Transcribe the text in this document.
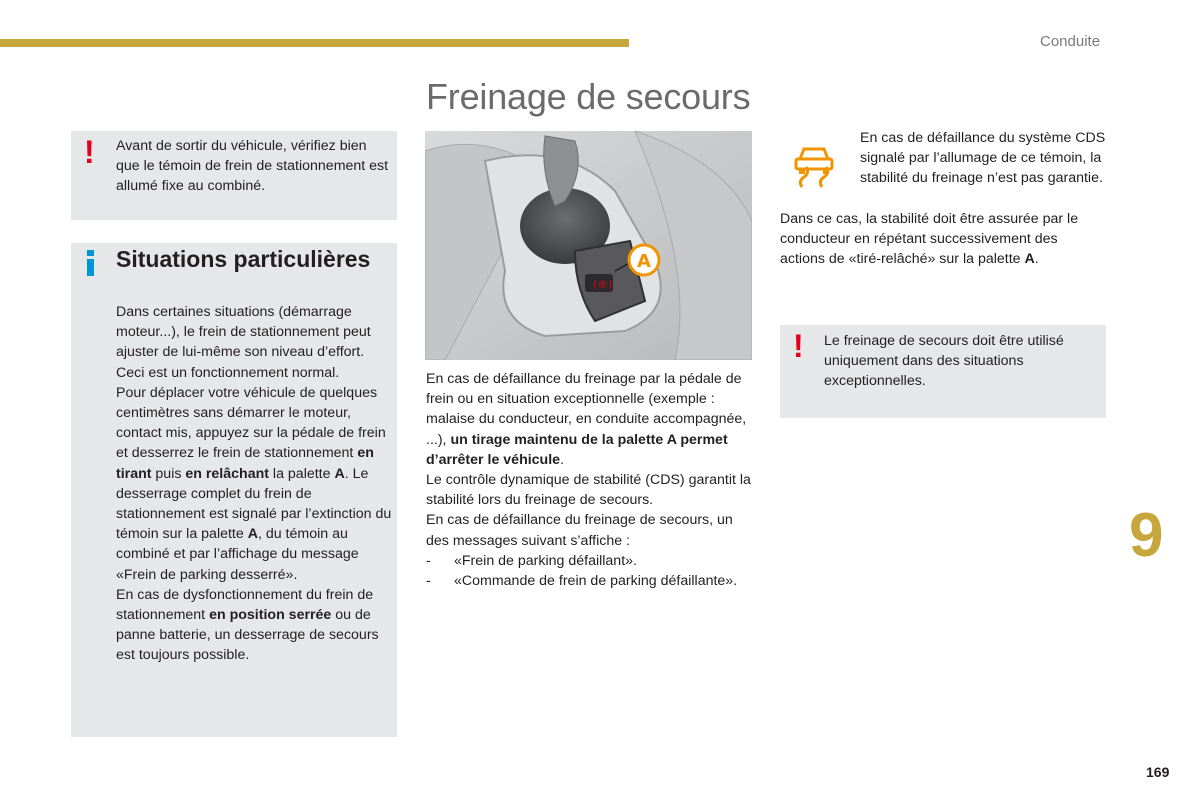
Conduite
Freinage de secours
! Avant de sortir du véhicule, vérifiez bien que le témoin de frein de stationnement est allumé fixe au combiné.
Situations particulières

Dans certaines situations (démarrage moteur...), le frein de stationnement peut ajuster de lui-même son niveau d’effort. Ceci est un fonctionnement normal.

Pour déplacer votre véhicule de quelques centimètres sans démarrer le moteur, contact mis, appuyez sur la pédale de frein et desserrez le frein de stationnement en tirant puis en relâchant la palette A. Le desserrage complet du frein de stationnement est signalé par l’extinction du témoin sur la palette A, du témoin au combiné et par l’affichage du message «Frein de parking desserré».

En cas de dysfonctionnement du frein de stationnement en position serrée ou de panne batterie, un desserrage de secours est toujours possible.

(®)
A

En cas de défaillance du freinage par la pédale de frein ou en situation exceptionnelle (exemple : malaise du conducteur, en conduite accompagnée, ...), un tirage maintenu de la palette A permet d’arrêter le véhicule.

Le contrôle dynamique de stabilité (CDS) garantit la stabilité lors du freinage de secours.

En cas de défaillance du freinage de secours, un des messages suivant s’affiche :

- «Frein de parking défaillant».
- «Commande de frein de parking défaillante».
En cas de défaillance du système CDS signalé par l’allumage de ce témoin, la stabilité du freinage n’est pas garantie.
Dans ce cas, la stabilité doit être assurée par le conducteur en répétant successivement des actions de «tiré-relâché» sur la palette A.
! Le freinage de secours doit être utilisé uniquement dans des situations exceptionnelles.
9
169
